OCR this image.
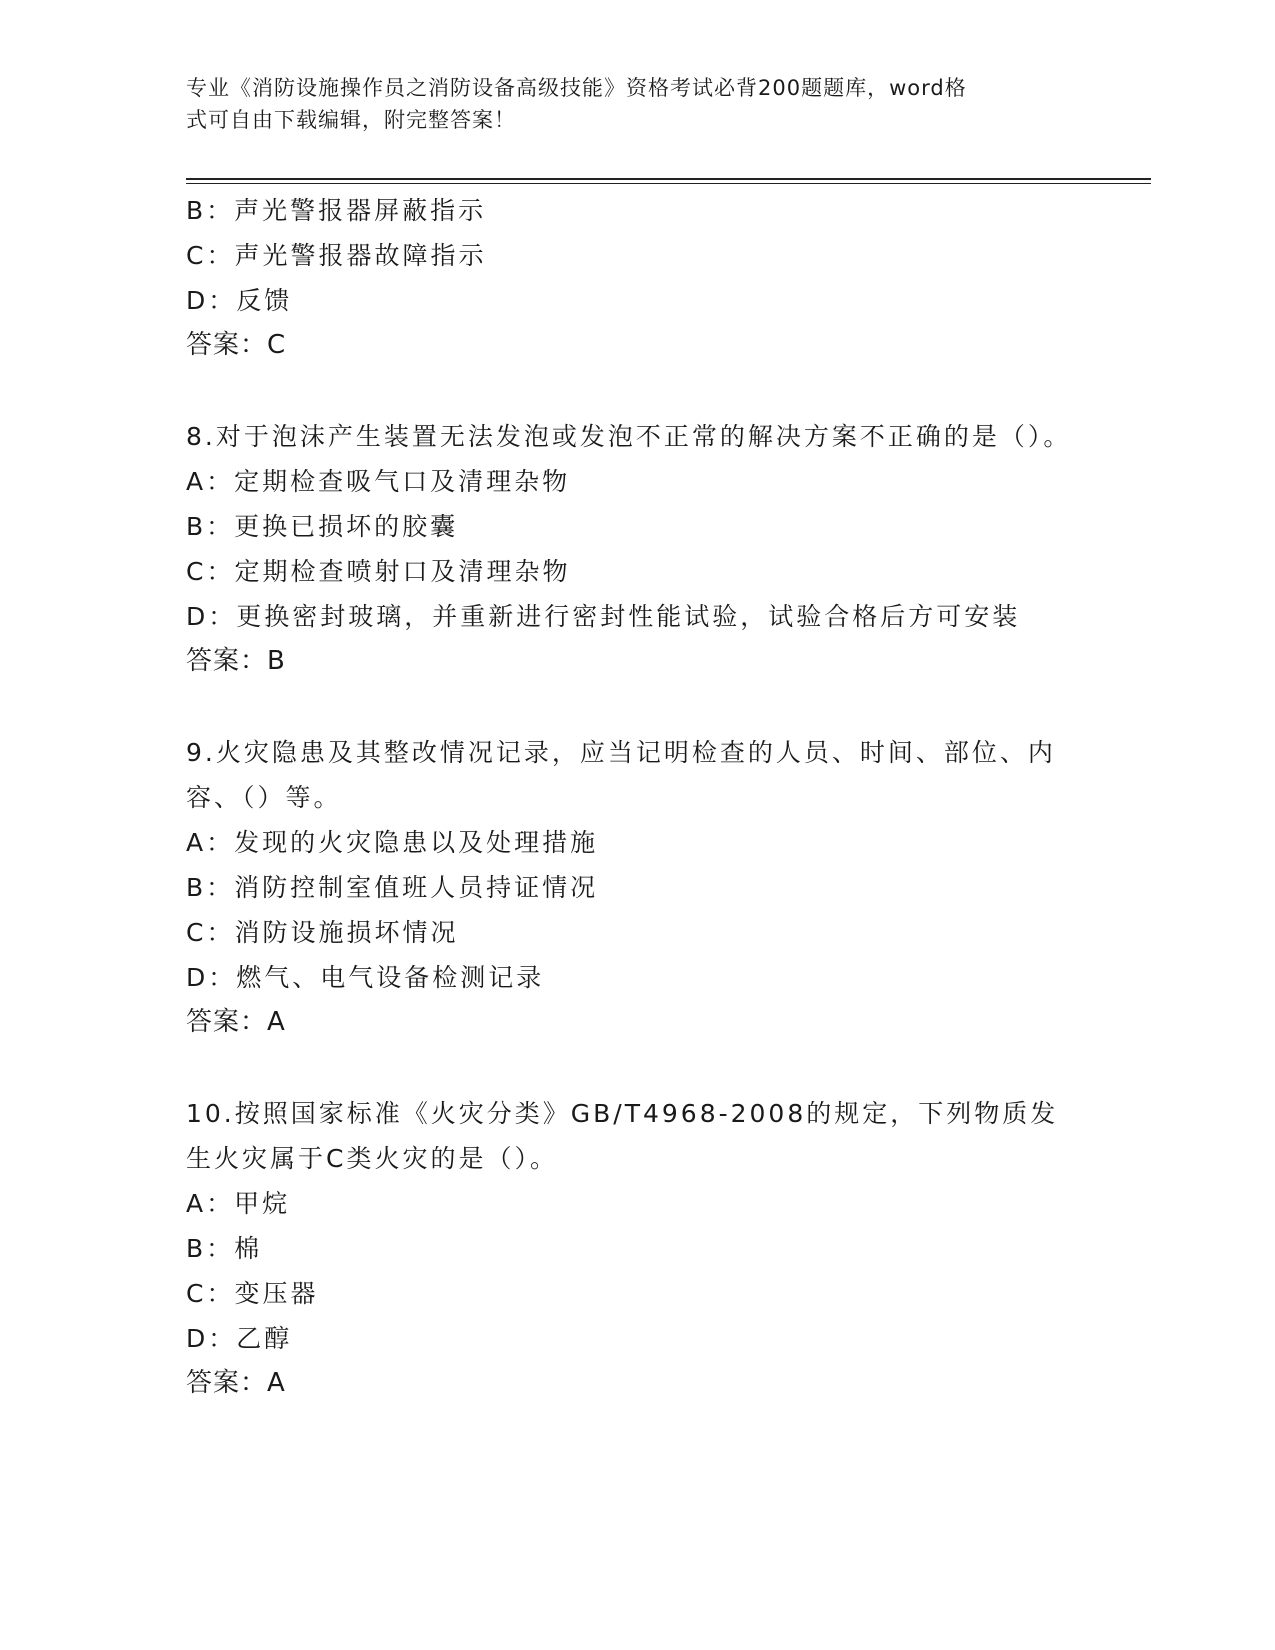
专业《消防设施操作员之消防设备高级技能》资格考试必背200题题库，word格
式可自由下载编辑，附完整答案！
B：声光警报器屏蔽指示
C：声光警报器故障指示
D：反馈
答案：C
8.对于泡沫产生装置无法发泡或发泡不正常的解决方案不正确的是（）。
A：定期检查吸气口及清理杂物
B：更换已损坏的胶囊
C：定期检查喷射口及清理杂物
D：更换密封玻璃，并重新进行密封性能试验，试验合格后方可安装
答案：B
9.火灾隐患及其整改情况记录，应当记明检查的人员、时间、部位、内容、（）等。
A：发现的火灾隐患以及处理措施
B：消防控制室值班人员持证情况
C：消防设施损坏情况
D：燃气、电气设备检测记录
答案：A
10.按照国家标准《火灾分类》GB/T4968-2008的规定，下列物质发生火灾属于C类火灾的是（）。
A：甲烷
B：棉
C：变压器
D：乙醇
答案：A
